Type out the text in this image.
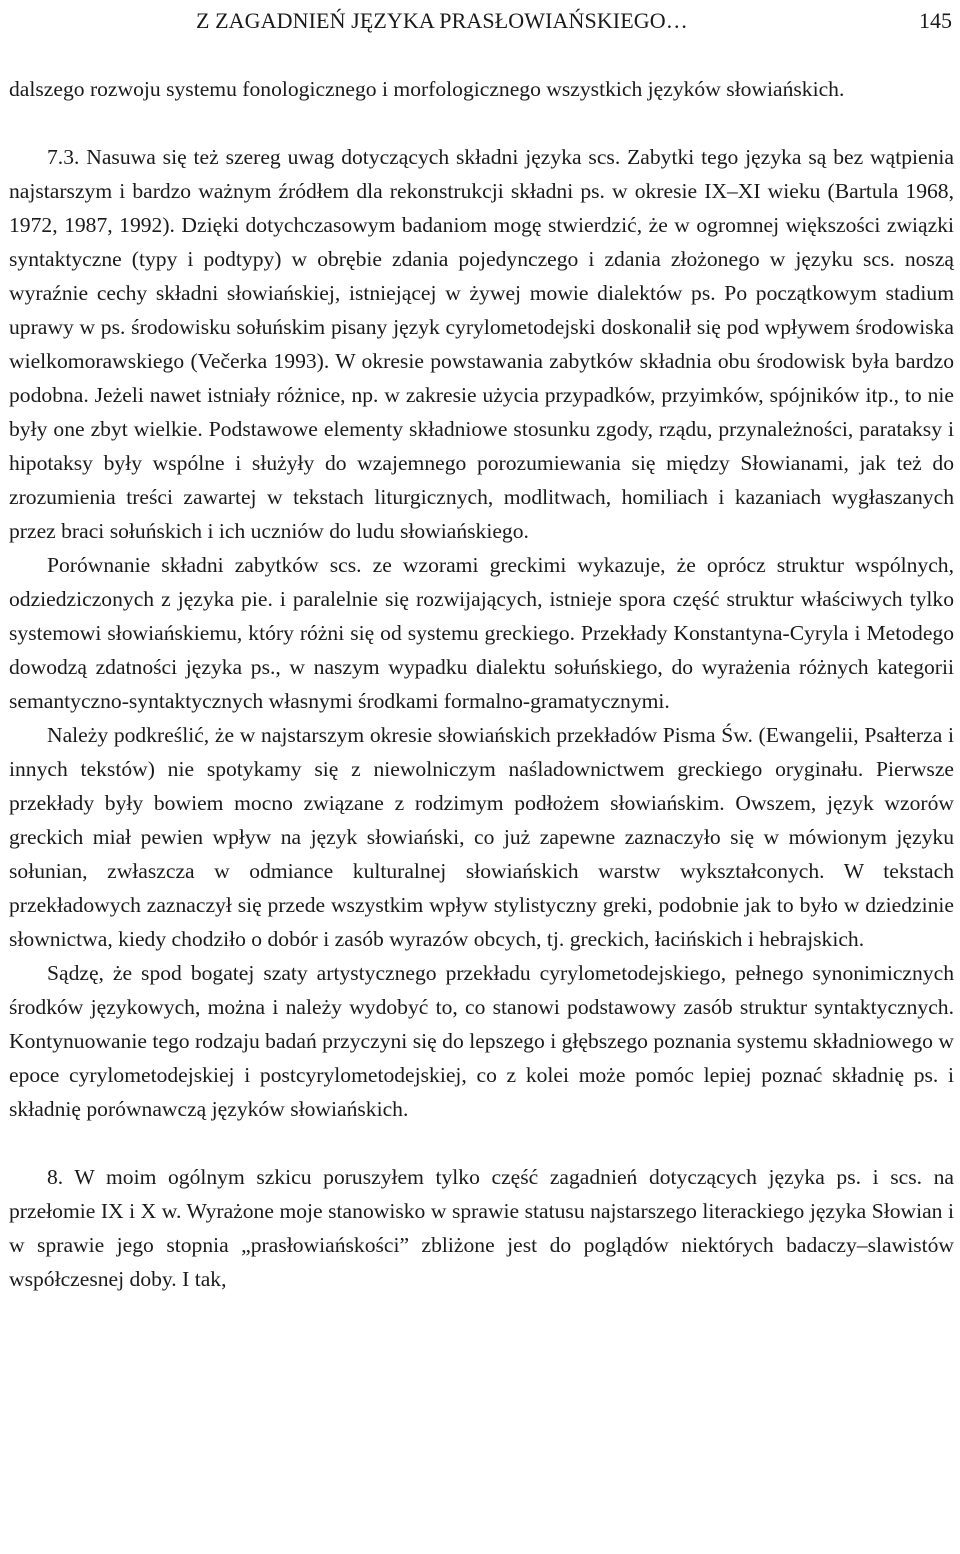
Z ZAGADNIEŃ JĘZYKA PRASŁOWIAŃSKIEGO…	145

dalszego rozwoju systemu fonologicznego i morfologicznego wszystkich języków słowiańskich.

7.3. Nasuwa się też szereg uwag dotyczących składni języka scs. Zabytki tego języka są bez wątpienia najstarszym i bardzo ważnym źródłem dla rekonstrukcji składni ps. w okresie IX–XI wieku (Bartula 1968, 1972, 1987, 1992). Dzięki dotychczasowym badaniom mogę stwierdzić, że w ogromnej większości związki syntaktyczne (typy i podtypy) w obrębie zdania pojedynczego i zdania złożonego w języku scs. noszą wyraźnie cechy składni słowiańskiej, istniejącej w żywej mowie dialektów ps. Po początkowym stadium uprawy w ps. środowisku sołuńskim pisany język cyrylometodejski doskonalił się pod wpływem środowiska wielkomorawskiego (Večerka 1993). W okresie powstawania zabytków składnia obu środowisk była bardzo podobna. Jeżeli nawet istniały różnice, np. w zakresie użycia przypadków, przyimków, spójników itp., to nie były one zbyt wielkie. Podstawowe elementy składniowe stosunku zgody, rządu, przynależności, parataksy i hipotaksy były wspólne i służyły do wzajemnego porozumiewania się między Słowianami, jak też do zrozumienia treści zawartej w tekstach liturgicznych, modlitwach, homiliach i kazaniach wygłaszanych przez braci sołuńskich i ich uczniów do ludu słowiańskiego.

Porównanie składni zabytków scs. ze wzorami greckimi wykazuje, że oprócz struktur wspólnych, odziedziczonych z języka pie. i paralelnie się rozwijających, istnieje spora część struktur właściwych tylko systemowi słowiańskiemu, który różni się od systemu greckiego. Przekłady Konstantyna-Cyryla i Metodego dowodzą zdatności języka ps., w naszym wypadku dialektu sołuńskiego, do wyrażenia różnych kategorii semantyczno-syntaktycznych własnymi środkami formalno-gramatycznymi.

Należy podkreślić, że w najstarszym okresie słowiańskich przekładów Pisma Św. (Ewangelii, Psałterza i innych tekstów) nie spotykamy się z niewolniczym naśladownictwem greckiego oryginału. Pierwsze przekłady były bowiem mocno związane z rodzimym podłożem słowiańskim. Owszem, język wzorów greckich miał pewien wpływ na język słowiański, co już zapewne zaznaczyło się w mówionym języku sołunian, zwłaszcza w odmiance kulturalnej słowiańskich warstw wykształconych. W tekstach przekładowych zaznaczył się przede wszystkim wpływ stylistyczny greki, podobnie jak to było w dziedzinie słownictwa, kiedy chodziło o dobór i zasób wyrazów obcych, tj. greckich, łacińskich i hebrajskich.

Sądzę, że spod bogatej szaty artystycznego przekładu cyrylometodejskiego, pełnego synonimicznych środków językowych, można i należy wydobyć to, co stanowi podstawowy zasób struktur syntaktycznych. Kontynuowanie tego rodzaju badań przyczyni się do lepszego i głębszego poznania systemu składniowego w epoce cyrylometodejskiej i postcyrylometodejskiej, co z kolei może pomóc lepiej poznać składnię ps. i składnię porównawczą języków słowiańskich.

8. W moim ogólnym szkicu poruszyłem tylko część zagadnień dotyczących języka ps. i scs. na przełomie IX i X w. Wyrażone moje stanowisko w sprawie statusu najstarszego literackiego języka Słowian i w sprawie jego stopnia „prasłowiańskości” zbliżone jest do poglądów niektórych badaczy–slawistów współczesnej doby. I tak,
